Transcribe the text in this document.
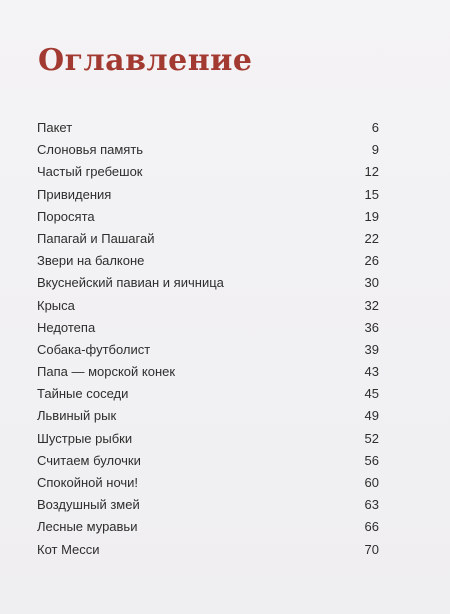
Оглавление
Пакет	6
Слоновья память	9
Частый гребешок	12
Привидения	15
Поросята	19
Папагай и Пашагай	22
Звери на балконе	26
Вкуснейский павиан и яичница	30
Крыса	32
Недотепа	36
Собака-футболист	39
Папа — морской конек	43
Тайные соседи	45
Львиный рык	49
Шустрые рыбки	52
Считаем булочки	56
Спокойной ночи!	60
Воздушный змей	63
Лесные муравьи	66
Кот Месси	70
